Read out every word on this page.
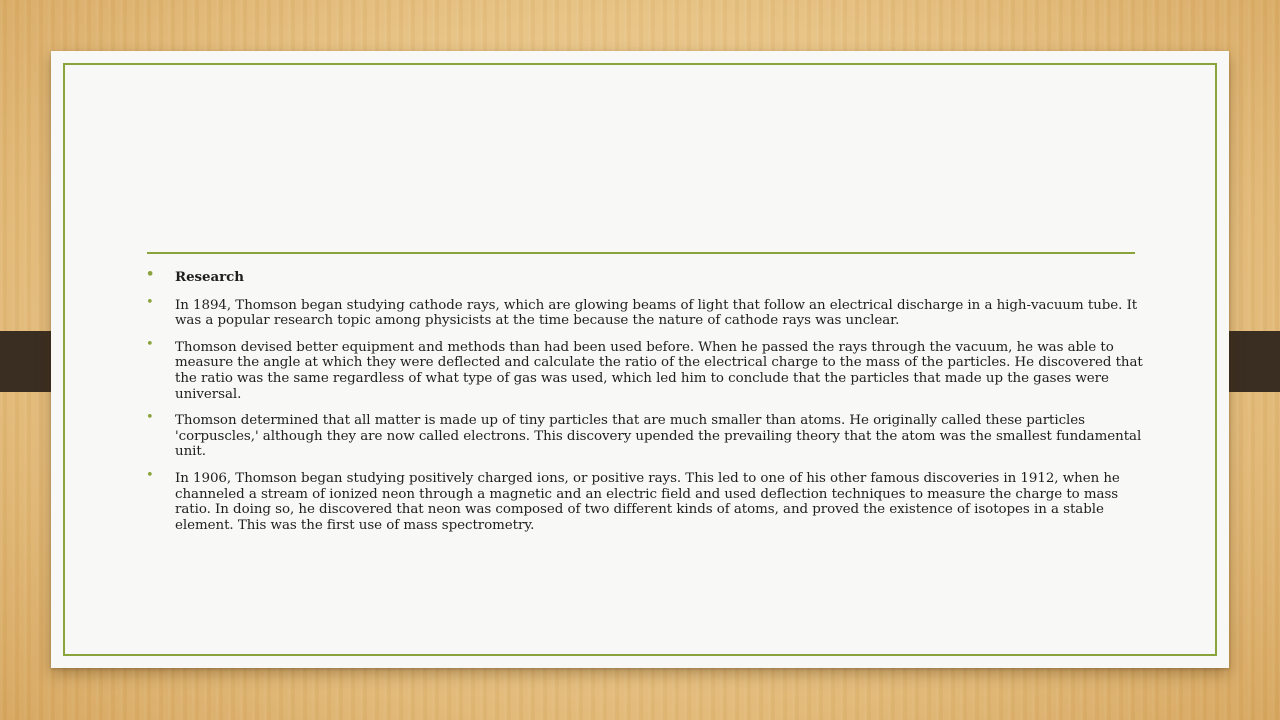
• Research
• In 1894, Thomson began studying cathode rays, which are glowing beams of light that follow an electrical discharge in a high-vacuum tube. It was a popular research topic among physicists at the time because the nature of cathode rays was unclear.
• Thomson devised better equipment and methods than had been used before. When he passed the rays through the vacuum, he was able to measure the angle at which they were deflected and calculate the ratio of the electrical charge to the mass of the particles. He discovered that the ratio was the same regardless of what type of gas was used, which led him to conclude that the particles that made up the gases were universal.
• Thomson determined that all matter is made up of tiny particles that are much smaller than atoms. He originally called these particles 'corpuscles,' although they are now called electrons. This discovery upended the prevailing theory that the atom was the smallest fundamental unit.
• In 1906, Thomson began studying positively charged ions, or positive rays. This led to one of his other famous discoveries in 1912, when he channeled a stream of ionized neon through a magnetic and an electric field and used deflection techniques to measure the charge to mass ratio. In doing so, he discovered that neon was composed of two different kinds of atoms, and proved the existence of isotopes in a stable element. This was the first use of mass spectrometry.
